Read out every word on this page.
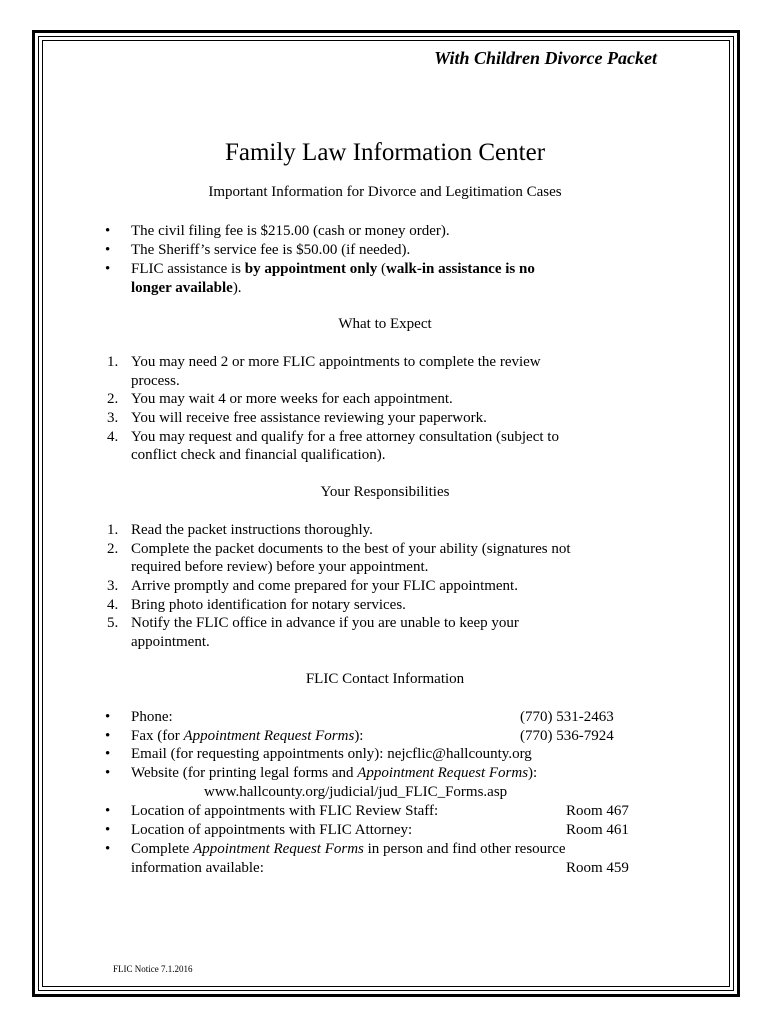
With Children Divorce Packet
Family Law Information Center
Important Information for Divorce and Legitimation Cases
• The civil filing fee is $215.00 (cash or money order).
• The Sheriff’s service fee is $50.00 (if needed).
• FLIC assistance is by appointment only (walk-in assistance is no
longer available).
What to Expect
1. You may need 2 or more FLIC appointments to complete the review
process.
2. You may wait 4 or more weeks for each appointment.
3. You will receive free assistance reviewing your paperwork.
4. You may request and qualify for a free attorney consultation (subject to
conflict check and financial qualification).
Your Responsibilities
1. Read the packet instructions thoroughly.
2. Complete the packet documents to the best of your ability (signatures not
required before review) before your appointment.
3. Arrive promptly and come prepared for your FLIC appointment.
4. Bring photo identification for notary services.
5. Notify the FLIC office in advance if you are unable to keep your
appointment.
FLIC Contact Information
• Phone:	(770) 531-2463
• Fax (for Appointment Request Forms):	(770) 536-7924
• Email (for requesting appointments only): nejcflic@hallcounty.org
• Website (for printing legal forms and Appointment Request Forms):
www.hallcounty.org/judicial/jud_FLIC_Forms.asp
• Location of appointments with FLIC Review Staff:	Room 467
• Location of appointments with FLIC Attorney:	Room 461
• Complete Appointment Request Forms in person and find other resource
information available:	Room 459
FLIC Notice 7.1.2016
